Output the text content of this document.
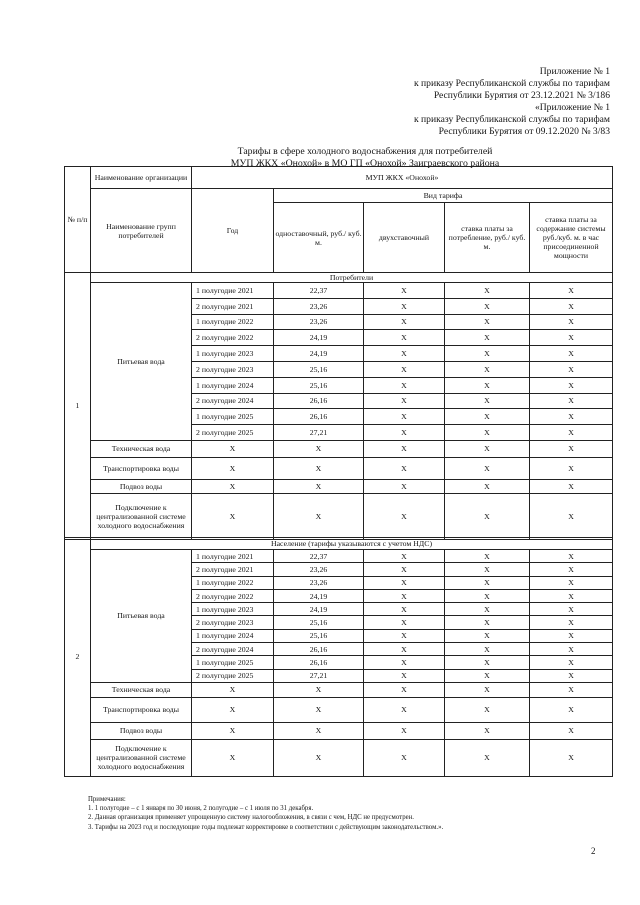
Приложение № 1
к приказу Республиканской службы по тарифам
Республики Бурятия от 23.12.2021 № 3/186
«Приложение № 1
к приказу Республиканской службы по тарифам
Республики Бурятия от 09.12.2020 № 3/83
Тарифы в сфере холодного водоснабжения для потребителей
МУП ЖКХ «Онохой» в МО ГП «Онохой» Заиграевского района
№ п/п	Наименование организации	МУП ЖКХ «Онохой»				
	Наименование групп потребителей	Год	Вид тарифа			
			одноставочный, руб./ куб. м.	двухставочный	ставка платы за потребление, руб./ куб. м.	ставка платы за содержание системы руб./куб. м. в час присоединенной мощности
1	Потребители					
	Питьевая вода	1 полугодие 2021	22,37	X	X	X
		2 полугодие 2021	23,26	X	X	X
		1 полугодие 2022	23,26	X	X	X
		2 полугодие 2022	24,19	X	X	X
		1 полугодие 2023	24,19	X	X	X
		2 полугодие 2023	25,16	X	X	X
		1 полугодие 2024	25,16	X	X	X
		2 полугодие 2024	26,16	X	X	X
		1 полугодие 2025	26,16	X	X	X
		2 полугодие 2025	27,21	X	X	X
	Техническая вода	X	X	X	X	X
	Транспортировка воды	X	X	X	X	X
	Подвоз воды	X	X	X	X	X
	Подключение к централизованной системе холодного водоснабжения	X	X	X	X	X
2	Население (тарифы указываются с учетом НДС)					
	Питьевая вода	1 полугодие 2021	22,37	X	X	X
		2 полугодие 2021	23,26	X	X	X
		1 полугодие 2022	23,26	X	X	X
		2 полугодие 2022	24,19	X	X	X
		1 полугодие 2023	24,19	X	X	X
		2 полугодие 2023	25,16	X	X	X
		1 полугодие 2024	25,16	X	X	X
		2 полугодие 2024	26,16	X	X	X
		1 полугодие 2025	26,16	X	X	X
		2 полугодие 2025	27,21	X	X	X
	Техническая вода	X	X	X	X	X
	Транспортировка воды	X	X	X	X	X
	Подвоз воды	X	X	X	X	X
	Подключение к централизованной системе холодного водоснабжения	X	X	X	X	X
Примечания:
1. 1 полугодие – с 1 января по 30 июня, 2 полугодие – с 1 июля по 31 декабря.
2. Данная организация применяет упрощенную систему налогообложения, в связи с чем, НДС не предусмотрен.
3. Тарифы на 2023 год и последующие годы подлежат корректировке в соответствии с действующим законодательством.».
2
